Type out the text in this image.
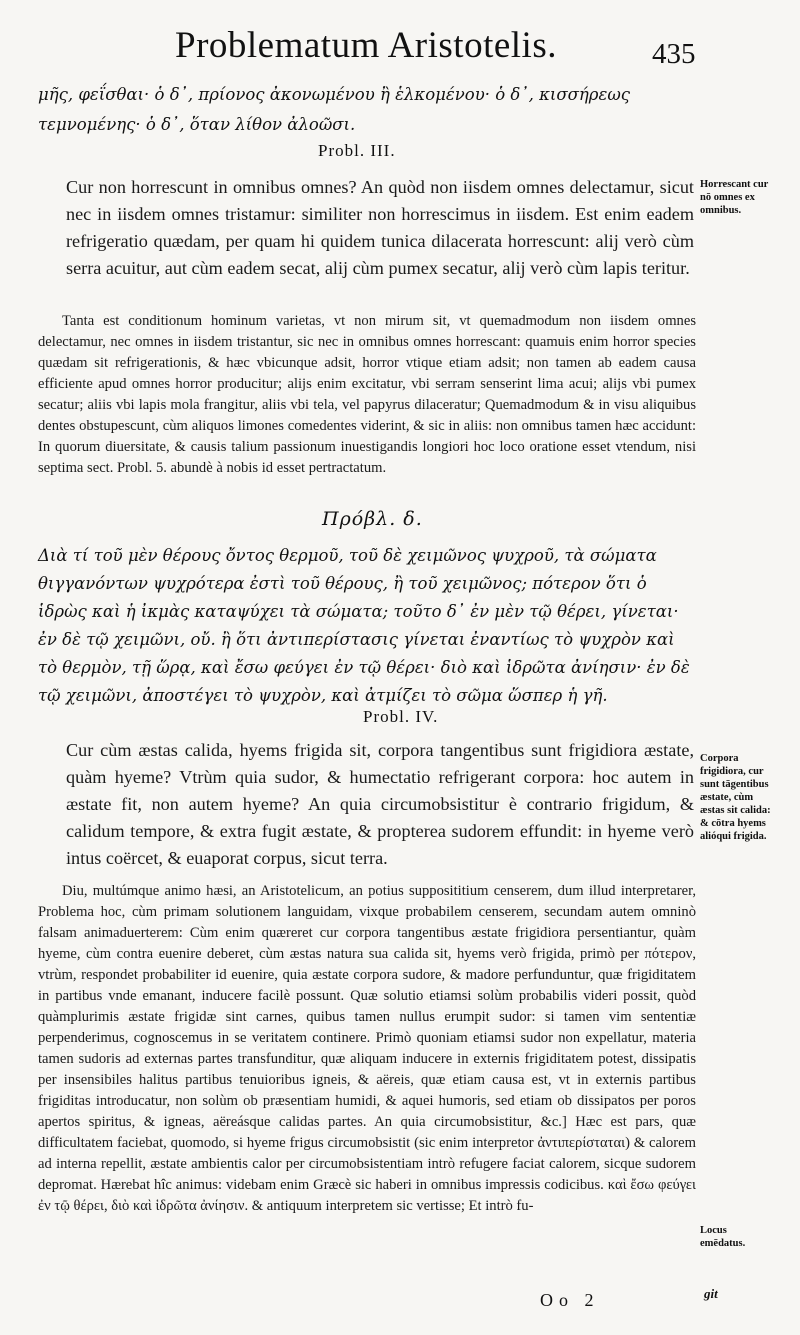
Problematum Aristotelis.	435
μῆς, φεΐσθαι· ὁ δ᾽, πρίονος ἀκονωμένου ἢ ἑλκομένου· ὁ δ᾽, κισσήρεως τεμνομένης· ὁ δ᾽, ὅταν λίθον ἀλοῶσι.
Probl. III.
Cur non horrescunt in omnibus omnes? An quòd non iisdem omnes delectamur, sicut nec in iisdem omnes tristamur: similiter non horrescimus in iisdem. Est enim eadem refrigeratio quædam, per quam hi quidem tunica dilacerata horrescunt: alij verò cùm serra acuitur, aut cùm eadem secat, alij cùm pumex secatur, alij verò cùm lapis teritur.
Horrescant cur nō omnes ex omnibus.
Tanta est conditionum hominum varietas, vt non mirum sit, vt quemadmodum non iisdem omnes delectamur, nec omnes in iisdem tristantur, sic nec in omnibus omnes horrescant: quamuis enim horror species quædam sit refrigerationis, & hæc vbicunque adsit, horror vtique etiam adsit; non tamen ab eadem causa efficiente apud omnes horror producitur; alijs enim excitatur, vbi serram senserint lima acui; alijs vbi pumex secatur; aliis vbi lapis mola frangitur, aliis vbi tela, vel papyrus dilaceratur; Quemadmodum & in visu aliquibus dentes obstupescunt, cùm aliquos limones comedentes viderint, & sic in aliis: non omnibus tamen hæc accidunt: In quorum diuersitate, & causis talium passionum inuestigandis longiori hoc loco oratione esset vtendum, nisi septima sect. Probl. 5. abundè à nobis id esset pertractatum.
Πρόβλ. δ.
Διὰ τί τοῦ μὲν θέρους ὄντος θερμοῦ, τοῦ δὲ χειμῶνος ψυχροῦ, τὰ σώματα θιγγανόντων ψυχρότερα ἐστὶ τοῦ θέρους, ἢ τοῦ χειμῶνος; πότερον ὅτι ὁ ἱδρὼς καὶ ἡ ἰκμὰς καταψύχει τὰ σώματα; τοῦτο δ᾽ ἐν μὲν τῷ θέρει, γίνεται· ἐν δὲ τῷ χειμῶνι, οὔ. ἢ ὅτι ἀντιπερίστασις γίνεται ἐναντίως τὸ ψυχρὸν καὶ τὸ θερμὸν, τῇ ὥρᾳ, καὶ ἔσω φεύγει ἐν τῷ θέρει· διὸ καὶ ἱδρῶτα ἀνίησιν· ἐν δὲ τῷ χειμῶνι, ἀποστέγει τὸ ψυχρὸν, καὶ ἀτμίζει τὸ σῶμα ὥσπερ ἡ γῆ.
Probl. IV.
Cur cùm æstas calida, hyems frigida sit, corpora tangentibus sunt frigidiora æstate, quàm hyeme? Vtrùm quia sudor, & humectatio refrigerant corpora: hoc autem in æstate fit, non autem hyeme? An quia circumobsistitur è contrario frigidum, & calidum tempore, & extra fugit æstate, & propterea sudorem effundit: in hyeme verò intus coërcet, & euaporat corpus, sicut terra.
Corpora frigidiora, cur sunt tāgentibus æstate, cùm æstas sit calida: & cōtra hyems alióqui frigida.
Diu, multúmque animo hæsi, an Aristotelicum, an potius supposititium censerem, dum illud interpretarer, Problema hoc, cùm primam solutionem languidam, vixque probabilem censerem, secundam autem omninò falsam animaduerterem: Cùm enim quæreret cur corpora tangentibus æstate frigidiora persentiantur, quàm hyeme, cùm contra euenire deberet, cùm æstas natura sua calida sit, hyems verò frigida, primò per πότερον, vtrùm, respondet probabiliter id euenire, quia æstate corpora sudore, & madore perfunduntur, quæ frigiditatem in partibus vnde emanant, inducere facilè possunt. Quæ solutio etiamsi solùm probabilis videri possit, quòd quàmplurimis æstate frigidæ sint carnes, quibus tamen nullus erumpit sudor: si tamen vim sententiæ perpenderimus, cognoscemus in se veritatem continere. Primò quoniam etiamsi sudor non expellatur, materia tamen sudoris ad externas partes transfunditur, quæ aliquam inducere in externis frigiditatem potest, dissipatis per insensibiles halitus partibus tenuioribus igneis, & aëreis, quæ etiam causa est, vt in externis partibus frigiditas introducatur, non solùm ob præsentiam humidi, & aquei humoris, sed etiam ob dissipatos per poros apertos spiritus, & igneas, aëreásque calidas partes. An quia circumobsistitur, &c.] Hæc est pars, quæ difficultatem faciebat, quomodo, si hyeme frigus circumobsistit (sic enim interpretor ἀντιπερίσταται) & calorem ad interna repellit, æstate ambientis calor per circumobsistentiam intrò refugere faciat calorem, sicque sudorem depromat. Hærebat hîc animus: videbam enim Græcè sic haberi in omnibus impressis codicibus. καὶ ἔσω φεύγει ἐν τῷ θέρει, διὸ καὶ ἱδρῶτα ἀνίησιν. & antiquum interpretem sic vertisse; Et intrò fu-
Locus emēdatus.
Oo 2	git
